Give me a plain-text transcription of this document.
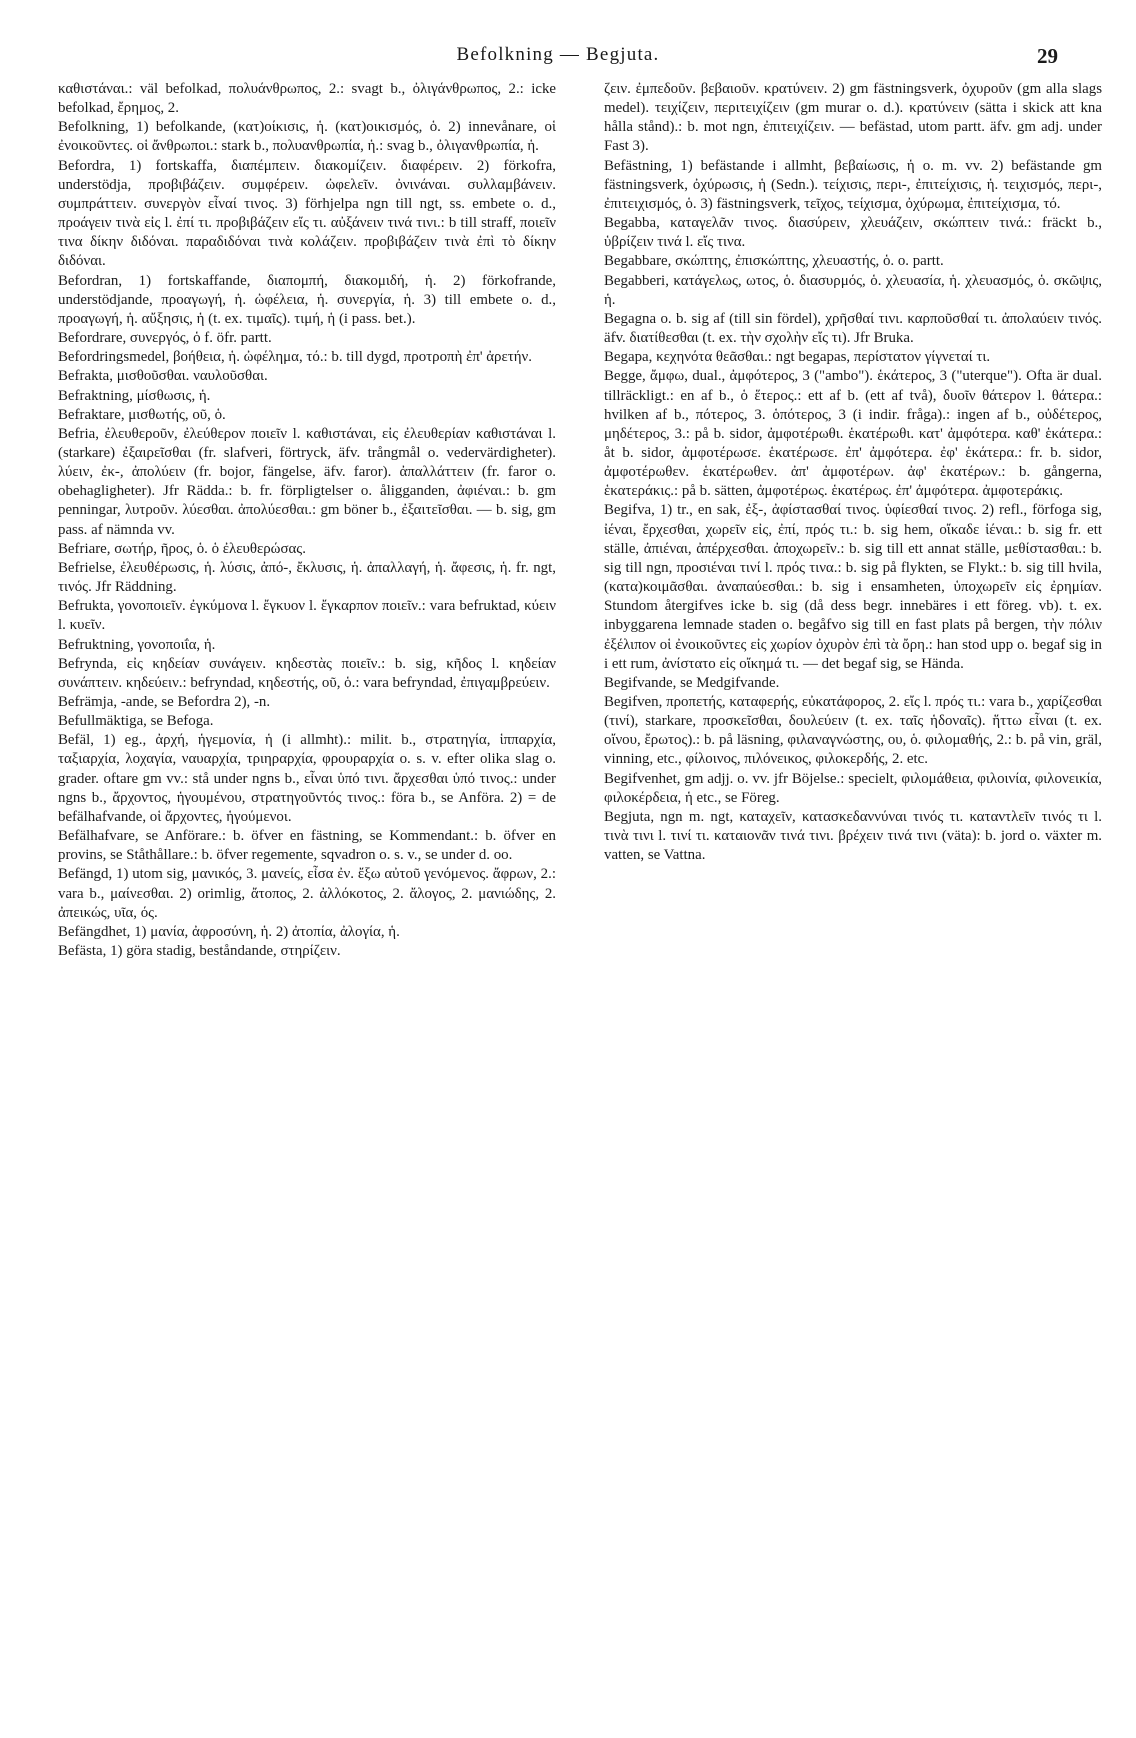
Befolkning — Begjuta.	29

καθιστάναι.: väl befolkad, πολυάνθρωπος, 2.: svagt b., ὀλιγάνθρωπος, 2.: icke befolkad, ἔρημος, 2.

Befolkning, 1) befolkande, (κατ)οίκισις, ἡ. (κατ)οικισμός, ὁ. 2) innevånare, οἱ ἐνοικοῦντες. οἱ ἄνθρωποι.: stark b., πολυανθρωπία, ἡ.: svag b., ὀλιγανθρωπία, ἡ.

Befordra, 1) fortskaffa, διαπέμπειν. διακομίζειν. διαφέρειν. 2) förkofra, understödja, προβιβάζειν. συμφέρειν. ὠφελεῖν. ὀνινάναι. συλλαμβάνειν. συμπράττειν. συνεργὸν εἶναί τινος. 3) förhjelpa ngn till ngt, ss. embete o. d., προάγειν τινὰ εἰς l. ἐπί τι. προβιβάζειν εἴς τι. αὐξάνειν τινά τινι.: b till straff, ποιεῖν τινα δίκην διδόναι. παραδιδόναι τινὰ κολάζειν. προβιβάζειν τινὰ ἐπὶ τὸ δίκην διδόναι.

Befordran, 1) fortskaffande, διαπομπή, διακομιδή, ἡ. 2) förkofrande, understödjande, προαγωγή, ἡ. ὠφέλεια, ἡ. συνεργία, ἡ. 3) till embete o. d., προαγωγή, ἡ. αὔξησις, ἡ (t. ex. τιμαῖς). τιμή, ἡ (i pass. bet.).

Befordrare, συνεργός, ὁ f. öfr. partt.

Befordringsmedel, βοήθεια, ἡ. ὠφέλημα, τό.: b. till dygd, προτροπὴ ἐπ' ἀρετήν.

Befrakta, μισθοῦσθαι. ναυλοῦσθαι.

Befraktning, μίσθωσις, ἡ.

Befraktare, μισθωτής, οῦ, ὁ.

Befria, ἐλευθεροῦν, ἐλεύθερον ποιεῖν l. καθιστάναι, εἰς ἐλευθερίαν καθιστάναι l. (starkare) ἐξαιρεῖσθαι (fr. slafveri, förtryck, äfv. trångmål o. vedervärdigheter). λύειν, ἐκ-, ἀπολύειν (fr. bojor, fängelse, äfv. faror). ἀπαλλάττειν (fr. faror o. obehagligheter). Jfr Rädda.: b. fr. förpligtelser o. åligganden, ἀφιέναι.: b. gm penningar, λυτροῦν. λύεσθαι. ἀπολύεσθαι.: gm böner b., ἐξαιτεῖσθαι. — b. sig, gm pass. af nämnda vv.

Befriare, σωτήρ, ῆρος, ὁ. ὁ ἐλευθερώσας.

Befrielse, ἐλευθέρωσις, ἡ. λύσις, ἀπό-, ἔκλυσις, ἡ. ἀπαλλαγή, ἡ. ἄφεσις, ἡ. fr. ngt, τινός. Jfr Räddning.

Befrukta, γονοποιεῖν. ἐγκύμονα l. ἔγκυον l. ἔγκαρπον ποιεῖν.: vara befruktad, κύειν l. κυεῖν.

Befruktning, γονοποιΐα, ἡ.

Befrynda, εἰς κηδείαν συνάγειν. κηδεστὰς ποιεῖν.: b. sig, κῆδος l. κηδείαν συνάπτειν. κηδεύειν.: befryndad, κηδεστής, οῦ, ὁ.: vara befryndad, ἐπιγαμβρεύειν.

Befrämja, -ande, se Befordra 2), -n.

Befullmäktiga, se Befoga.

Befäl, 1) eg., ἀρχή, ἡγεμονία, ἡ (i allmht).: milit. b., στρατηγία, ἱππαρχία, ταξιαρχία, λοχαγία, ναυαρχία, τριηραρχία, φρουραρχία o. s. v. efter olika slag o. grader. oftare gm vv.: stå under ngns b., εἶναι ὑπό τινι. ἄρχεσθαι ὑπό τινος.: under ngns b., ἄρχοντος, ἡγουμένου, στρατηγοῦντός τινος.: föra b., se Anföra. 2) = de befälhafvande, οἱ ἄρχοντες, ἡγούμενοι.

Befälhafvare, se Anförare.: b. öfver en fästning, se Kommendant.: b. öfver en provins, se Ståthållare.: b. öfver regemente, sqvadron o. s. v., se under d. oo.

Befängd, 1) utom sig, μανικός, 3. μανείς, εἶσα ἐν. ἔξω αὐτοῦ γενόμενος. ἄφρων, 2.: vara b., μαίνεσθαι. 2) orimlig, ἄτοπος, 2. ἀλλόκοτος, 2. ἄλογος, 2. μανιώδης, 2. ἀπεικώς, υῖα, ός.

Befängdhet, 1) μανία, ἀφροσύνη, ἡ. 2) ἀτοπία, ἀλογία, ἡ.

Befästa, 1) göra stadig, beståndande, στηρίζειν.

ζειν. ἐμπεδοῦν. βεβαιοῦν. κρατύνειν. 2) gm fästningsverk, ὀχυροῦν (gm alla slags medel). τειχίζειν, περιτειχίζειν (gm murar o. d.). κρατύνειν (sätta i skick att kna hålla stånd).: b. mot ngn, ἐπιτειχίζειν. — befästad, utom partt. äfv. gm adj. under Fast 3).

Befästning, 1) befästande i allmht, βεβαίωσις, ἡ o. m. vv. 2) befästande gm fästningsverk, ὀχύρωσις, ἡ (Sedn.). τείχισις, περι-, ἐπιτείχισις, ἡ. τειχισμός, περι-, ἐπιτειχισμός, ὁ. 3) fästningsverk, τεῖχος, τείχισμα, ὀχύρωμα, ἐπιτείχισμα, τό.

Begabba, καταγελᾶν τινος. διασύρειν, χλευάζειν, σκώπτειν τινά.: fräckt b., ὑβρίζειν τινά l. εἴς τινα.

Begabbare, σκώπτης, ἐπισκώπτης, χλευαστής, ὁ. o. partt.

Begabberi, κατάγελως, ωτος, ὁ. διασυρμός, ὁ. χλευασία, ἡ. χλευασμός, ὁ. σκῶψις, ἡ.

Begagna o. b. sig af (till sin fördel), χρῆσθαί τινι. καρποῦσθαί τι. ἀπολαύειν τινός. äfv. διατίθεσθαι (t. ex. τὴν σχολὴν εἴς τι). Jfr Bruka.

Begapa, κεχηνότα θεᾶσθαι.: ngt begapas, περίστατον γίγνεταί τι.

Begge, ἄμφω, dual., ἀμφότερος, 3 ("ambo"). ἑκάτερος, 3 ("uterque"). Ofta är dual. tillräckligt.: en af b., ὁ ἕτερος.: ett af b. (ett af två), δυοῖν θάτερον l. θάτερα.: hvilken af b., πότερος, 3. ὁπότερος, 3 (i indir. fråga).: ingen af b., οὐδέτερος, μηδέτερος, 3.: på b. sidor, ἀμφοτέρωθι. ἑκατέρωθι. κατ' ἀμφότερα. καθ' ἑκάτερα.: åt b. sidor, ἀμφοτέρωσε. ἑκατέρωσε. ἐπ' ἀμφότερα. ἐφ' ἑκάτερα.: fr. b. sidor, ἀμφοτέρωθεν. ἑκατέρωθεν. ἀπ' ἀμφοτέρων. ἀφ' ἑκατέρων.: b. gångerna, ἑκατεράκις.: på b. sätten, ἀμφοτέρως. ἑκατέρως. ἐπ' ἀμφότερα. ἀμφοτεράκις.

Begifva, 1) tr., en sak, ἐξ-, ἀφίστασθαί τινος. ὑφίεσθαί τινος. 2) refl., förfoga sig, ἰέναι, ἔρχεσθαι, χωρεῖν εἰς, ἐπί, πρός τι.: b. sig hem, οἴκαδε ἰέναι.: b. sig fr. ett ställe, ἀπιέναι, ἀπέρχεσθαι. ἀποχωρεῖν.: b. sig till ett annat ställe, μεθίστασθαι.: b. sig till ngn, προσιέναι τινί l. πρός τινα.: b. sig på flykten, se Flykt.: b. sig till hvila, (κατα)κοιμᾶσθαι. ἀναπαύεσθαι.: b. sig i ensamheten, ὑποχωρεῖν εἰς ἐρημίαν. Stundom återgifves icke b. sig (då dess begr. innebäres i ett föreg. vb). t. ex. inbyggarena lemnade staden o. begåfvo sig till en fast plats på bergen, τὴν πόλιν ἐξέλιπον οἱ ἐνοικοῦντες εἰς χωρίον ὀχυρὸν ἐπὶ τὰ ὄρη.: han stod upp o. begaf sig in i ett rum, ἀνίστατο εἰς οἴκημά τι. — det begaf sig, se Hända.

Begifvande, se Medgifvande.

Begifven, προπετής, καταφερής, εὐκατάφορος, 2. εἴς l. πρός τι.: vara b., χαρίζεσθαι (τινί), starkare, προσκεῖσθαι, δουλεύειν (t. ex. ταῖς ἡδοναῖς). ἥττω εἶναι (t. ex. οἴνου, ἔρωτος).: b. på läsning, φιλαναγνώστης, ου, ὁ. φιλομαθής, 2.: b. på vin, gräl, vinning, etc., φίλοινος, πιλόνεικος, φιλοκερδής, 2. etc.

Begifvenhet, gm adjj. o. vv. jfr Böjelse.: specielt, φιλομάθεια, φιλοινία, φιλονεικία, φιλοκέρδεια, ἡ etc., se Föreg.

Begjuta, ngn m. ngt, καταχεῖν, κατασκεδαννύναι τινός τι. καταντλεῖν τινός τι l. τινὰ τινι l. τινί τι. καταιονᾶν τινά τινι. βρέχειν τινά τινι (väta): b. jord o. växter m. vatten, se Vattna.
